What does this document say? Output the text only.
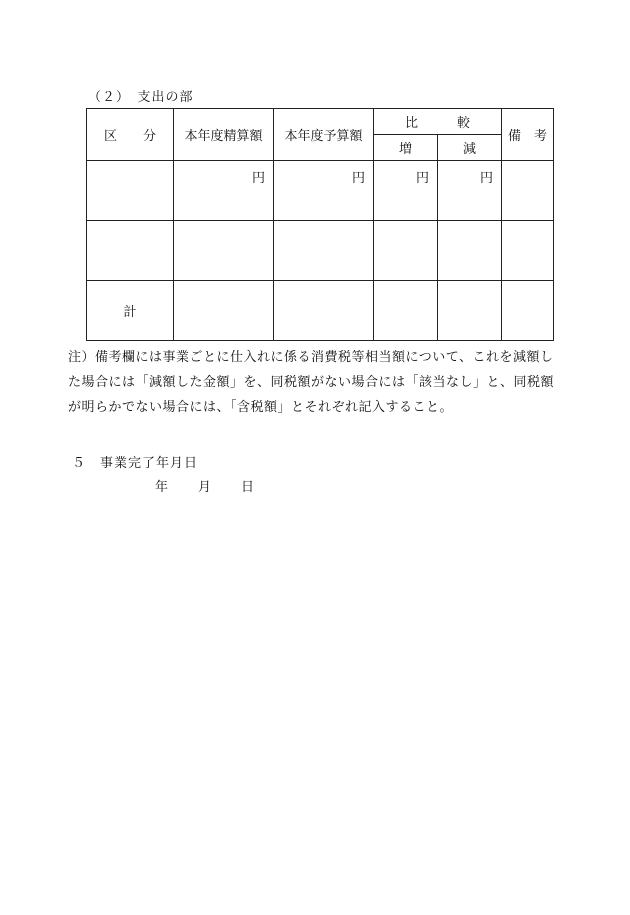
（２）　支出の部
区　　分	本年度精算額	本年度予算額	比　　　較		備　考
			増	減	
	円	円	円	円	

計					
注）備考欄には事業ごとに仕入れに係る消費税等相当額について、これを減額した場合には「減額した金額」を、同税額がない場合には「該当なし」と、同税額が明らかでない場合には、「含税額」とそれぞれ記入すること。
５　事業完了年月日
年 月 日
